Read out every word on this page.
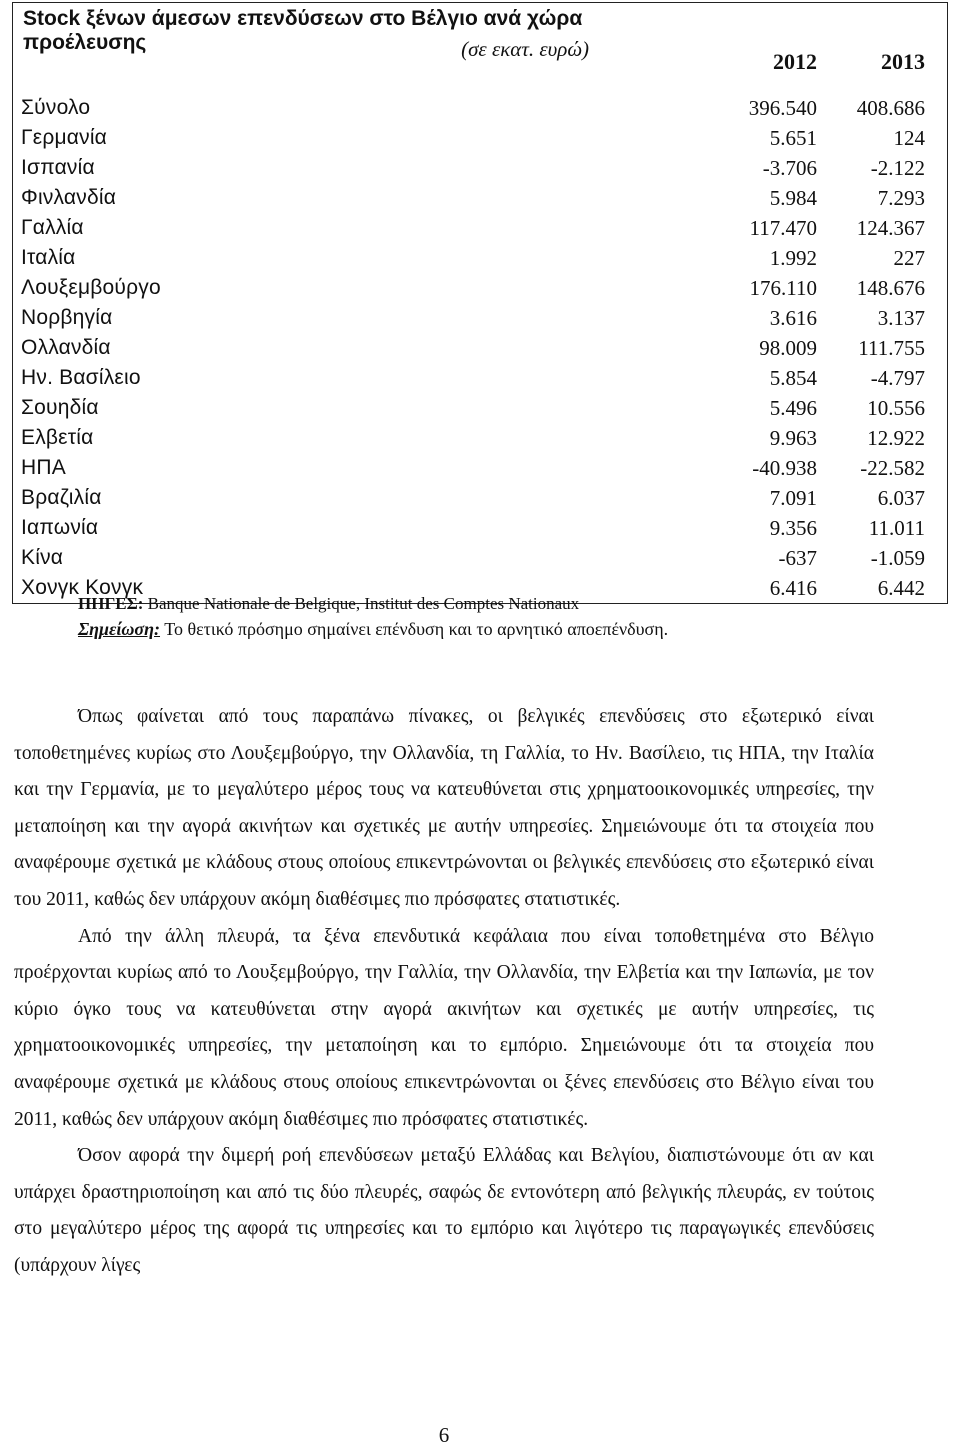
Stock ξένων άμεσων επενδύσεων στο Βέλγιο ανά χώρα προέλευσης (σε εκατ. ευρώ)	2012	2013
Σύνολο	396.540	408.686
Γερμανία	5.651	124
Ισπανία	-3.706	-2.122
Φινλανδία	5.984	7.293
Γαλλία	117.470	124.367
Ιταλία	1.992	227
Λουξεμβούργο	176.110	148.676
Νορβηγία	3.616	3.137
Ολλανδία	98.009	111.755
Ην. Βασίλειο	5.854	-4.797
Σουηδία	5.496	10.556
Ελβετία	9.963	12.922
ΗΠΑ	-40.938	-22.582
Βραζιλία	7.091	6.037
Ιαπωνία	9.356	11.011
Κίνα	-637	-1.059
Χονγκ Κονγκ	6.416	6.442
ΠΗΓΕΣ: Banque Nationale de Belgique, Institut des Comptes Nationaux
Σημείωση: Το θετικό πρόσημο σημαίνει επένδυση και το αρνητικό αποεπένδυση.

Όπως φαίνεται από τους παραπάνω πίνακες, οι βελγικές επενδύσεις στο εξωτερικό είναι τοποθετημένες κυρίως στο Λουξεμβούργο, την Ολλανδία, τη Γαλλία, το Ην. Βασίλειο, τις ΗΠΑ, την Ιταλία και την Γερμανία, με το μεγαλύτερο μέρος τους να κατευθύνεται στις χρηματοοικονομικές υπηρεσίες, την μεταποίηση και την αγορά ακινήτων και σχετικές με αυτήν υπηρεσίες. Σημειώνουμε ότι τα στοιχεία που αναφέρουμε σχετικά με κλάδους στους οποίους επικεντρώνονται οι βελγικές επενδύσεις στο εξωτερικό είναι του 2011, καθώς δεν υπάρχουν ακόμη διαθέσιμες πιο πρόσφατες στατιστικές.

Από την άλλη πλευρά, τα ξένα επενδυτικά κεφάλαια που είναι τοποθετημένα στο Βέλγιο προέρχονται κυρίως από το Λουξεμβούργο, την Γαλλία, την Ολλανδία, την Ελβετία και την Ιαπωνία, με τον κύριο όγκο τους να κατευθύνεται στην αγορά ακινήτων και σχετικές με αυτήν υπηρεσίες, τις χρηματοοικονομικές υπηρεσίες, την μεταποίηση και το εμπόριο. Σημειώνουμε ότι τα στοιχεία που αναφέρουμε σχετικά με κλάδους στους οποίους επικεντρώνονται οι ξένες επενδύσεις στο Βέλγιο είναι του 2011, καθώς δεν υπάρχουν ακόμη διαθέσιμες πιο πρόσφατες στατιστικές.

Όσον αφορά την διμερή ροή επενδύσεων μεταξύ Ελλάδας και Βελγίου, διαπιστώνουμε ότι αν και υπάρχει δραστηριοποίηση και από τις δύο πλευρές, σαφώς δε εντονότερη από βελγικής πλευράς, εν τούτοις στο μεγαλύτερο μέρος της αφορά τις υπηρεσίες και το εμπόριο και λιγότερο τις παραγωγικές επενδύσεις (υπάρχουν λίγες

6
